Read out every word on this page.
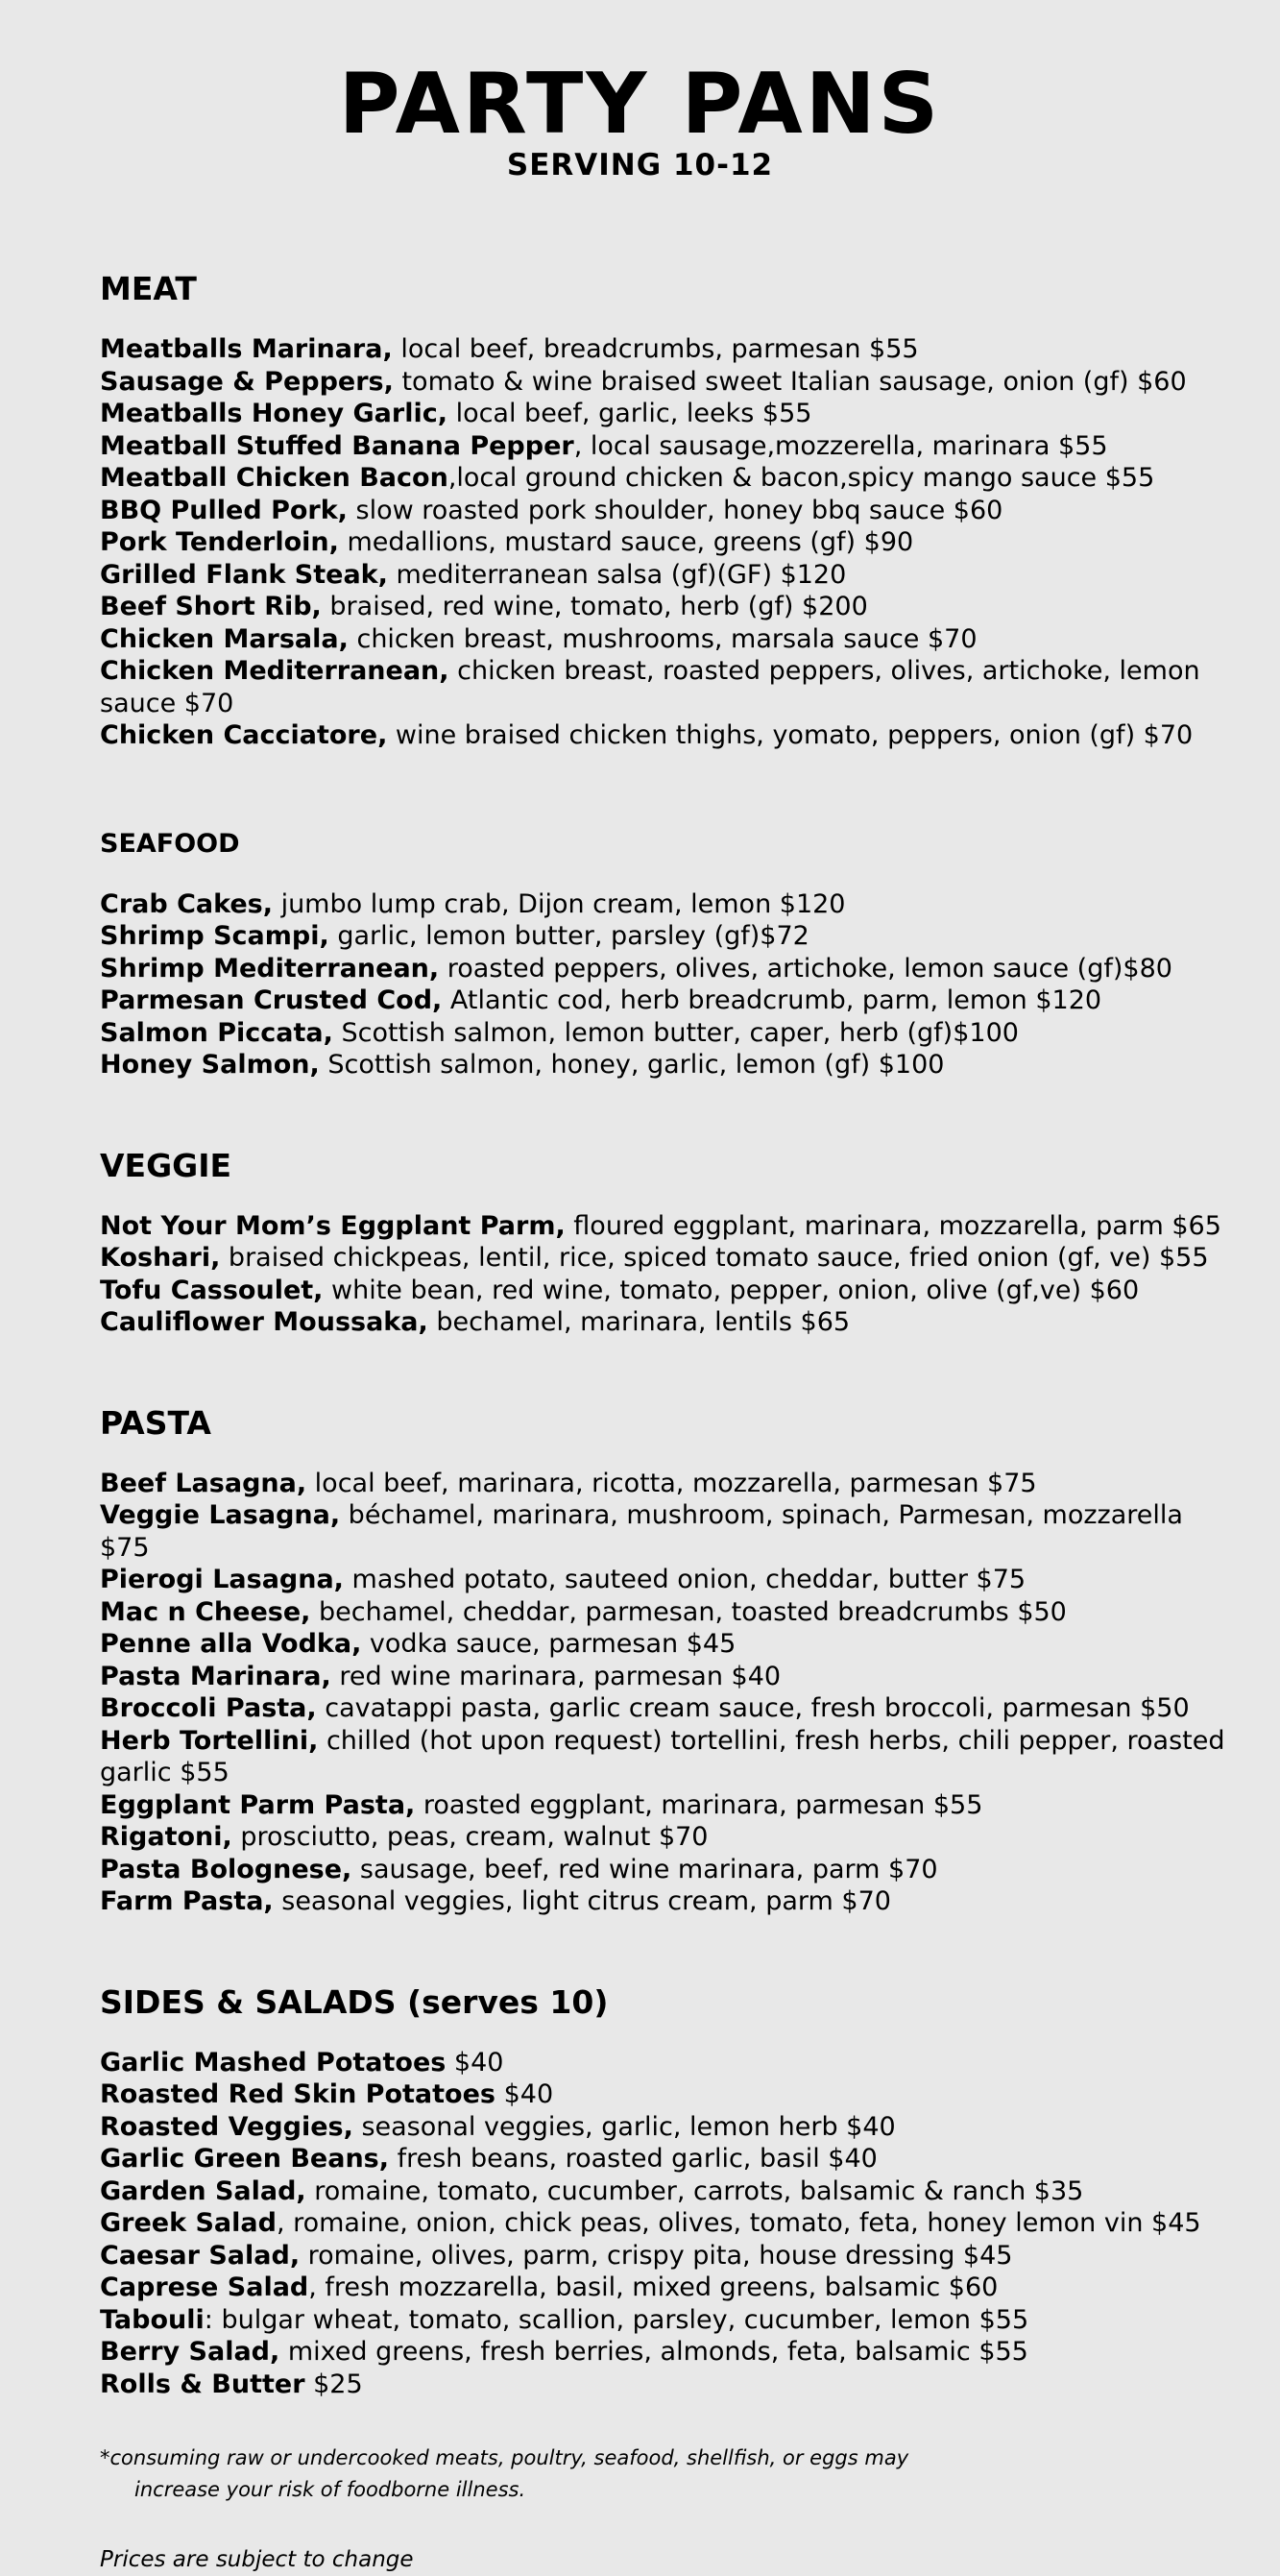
PARTY PANS
SERVING 10-12
MEAT
Meatballs Marinara, local beef, breadcrumbs, parmesan $55
Sausage & Peppers, tomato & wine braised sweet Italian sausage, onion (gf) $60
Meatballs Honey Garlic, local beef, garlic, leeks $55
Meatball Stuffed Banana Pepper, local sausage,mozzerella, marinara $55
Meatball Chicken Bacon,local ground chicken & bacon,spicy mango sauce $55
BBQ Pulled Pork, slow roasted pork shoulder, honey bbq sauce $60
Pork Tenderloin, medallions, mustard sauce, greens (gf) $90
Grilled Flank Steak, mediterranean salsa (gf)(GF) $120
Beef Short Rib, braised, red wine, tomato, herb (gf) $200
Chicken Marsala, chicken breast, mushrooms, marsala sauce $70
Chicken Mediterranean, chicken breast, roasted peppers, olives, artichoke, lemon sauce $70
Chicken Cacciatore, wine braised chicken thighs, yomato, peppers, onion (gf) $70
SEAFOOD
Crab Cakes, jumbo lump crab, Dijon cream, lemon $120
Shrimp Scampi, garlic, lemon butter, parsley (gf)$72
Shrimp Mediterranean, roasted peppers, olives, artichoke, lemon sauce (gf)$80
Parmesan Crusted Cod, Atlantic cod, herb breadcrumb, parm, lemon $120
Salmon Piccata, Scottish salmon, lemon butter, caper, herb (gf)$100
Honey Salmon, Scottish salmon, honey, garlic, lemon (gf) $100
VEGGIE
Not Your Mom’s Eggplant Parm, floured eggplant, marinara, mozzarella, parm $65
Koshari, braised chickpeas, lentil, rice, spiced tomato sauce, fried onion (gf, ve) $55
Tofu Cassoulet, white bean, red wine, tomato, pepper, onion, olive (gf,ve) $60
Cauliflower Moussaka, bechamel, marinara, lentils $65
PASTA
Beef Lasagna, local beef, marinara, ricotta, mozzarella, parmesan $75
Veggie Lasagna, béchamel, marinara, mushroom, spinach, Parmesan, mozzarella $75
Pierogi Lasagna, mashed potato, sauteed onion, cheddar, butter $75
Mac n Cheese, bechamel, cheddar, parmesan, toasted breadcrumbs $50
Penne alla Vodka, vodka sauce, parmesan $45
Pasta Marinara, red wine marinara, parmesan $40
Broccoli Pasta, cavatappi pasta, garlic cream sauce, fresh broccoli, parmesan $50
Herb Tortellini, chilled (hot upon request) tortellini, fresh herbs, chili pepper, roasted garlic $55
Eggplant Parm Pasta, roasted eggplant, marinara, parmesan $55
Rigatoni, prosciutto, peas, cream, walnut $70
Pasta Bolognese, sausage, beef, red wine marinara, parm $70
Farm Pasta, seasonal veggies, light citrus cream, parm $70
SIDES & SALADS (serves 10)
Garlic Mashed Potatoes $40
Roasted Red Skin Potatoes $40
Roasted Veggies, seasonal veggies, garlic, lemon herb $40
Garlic Green Beans, fresh beans, roasted garlic, basil $40
Garden Salad, romaine, tomato, cucumber, carrots, balsamic & ranch $35
Greek Salad, romaine, onion, chick peas, olives, tomato, feta, honey lemon vin $45
Caesar Salad, romaine, olives, parm, crispy pita, house dressing $45
Caprese Salad, fresh mozzarella, basil, mixed greens, balsamic $60
Tabouli: bulgar wheat, tomato, scallion, parsley, cucumber, lemon $55
Berry Salad, mixed greens, fresh berries, almonds, feta, balsamic $55
Rolls & Butter $25
*consuming raw or undercooked meats, poultry, seafood, shellfish, or eggs may
increase your risk of foodborne illness.
Prices are subject to change
